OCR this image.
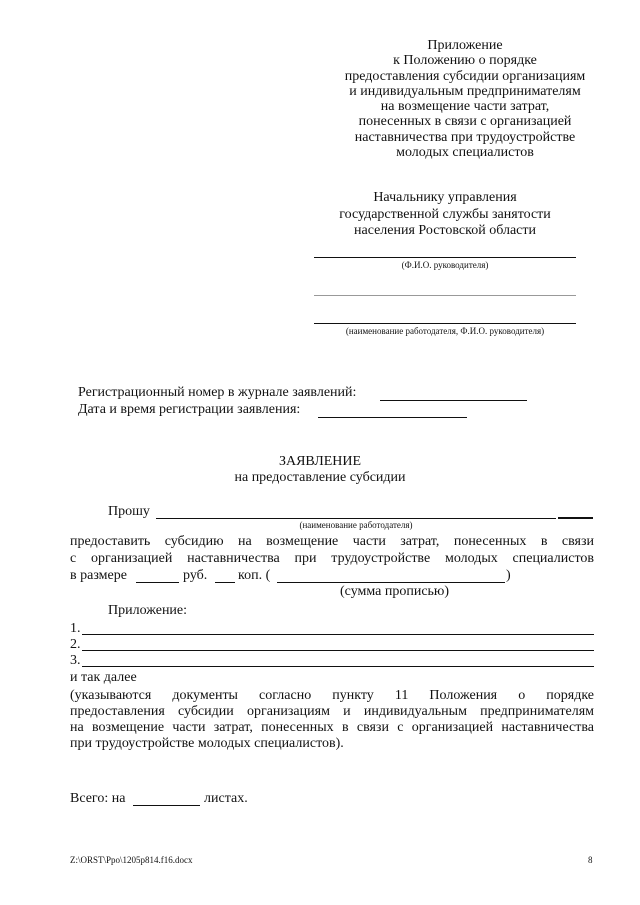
Приложение
к Положению о порядке
предоставления субсидии организациям
и индивидуальным предпринимателям
на возмещение части затрат,
понесенных в связи с организацией
наставничества при трудоустройстве
молодых специалистов
Начальнику управления
государственной службы занятости
населения Ростовской области
(Ф.И.О. руководителя)
(наименование работодателя, Ф.И.О. руководителя)
Регистрационный номер в журнале заявлений:
Дата и время регистрации заявления:
ЗАЯВЛЕНИЕ
на предоставление субсидии
Прошу
(наименование работодателя)
предоставить субсидию на возмещение части затрат, понесенных в связи
с организацией наставничества при трудоустройстве молодых специалистов
в размере	руб. коп. (	)
(сумма прописью)
Приложение:
1.
2.
3.
и так далее
(указываются документы согласно пункту 11 Положения о порядке
предоставления субсидии организациям и индивидуальным предпринимателям
на возмещение части затрат, понесенных в связи с организацией наставничества
при трудоустройстве молодых специалистов).
Всего: на	листах.
Z:\ORST\Ppo\1205p814.f16.docx	8
